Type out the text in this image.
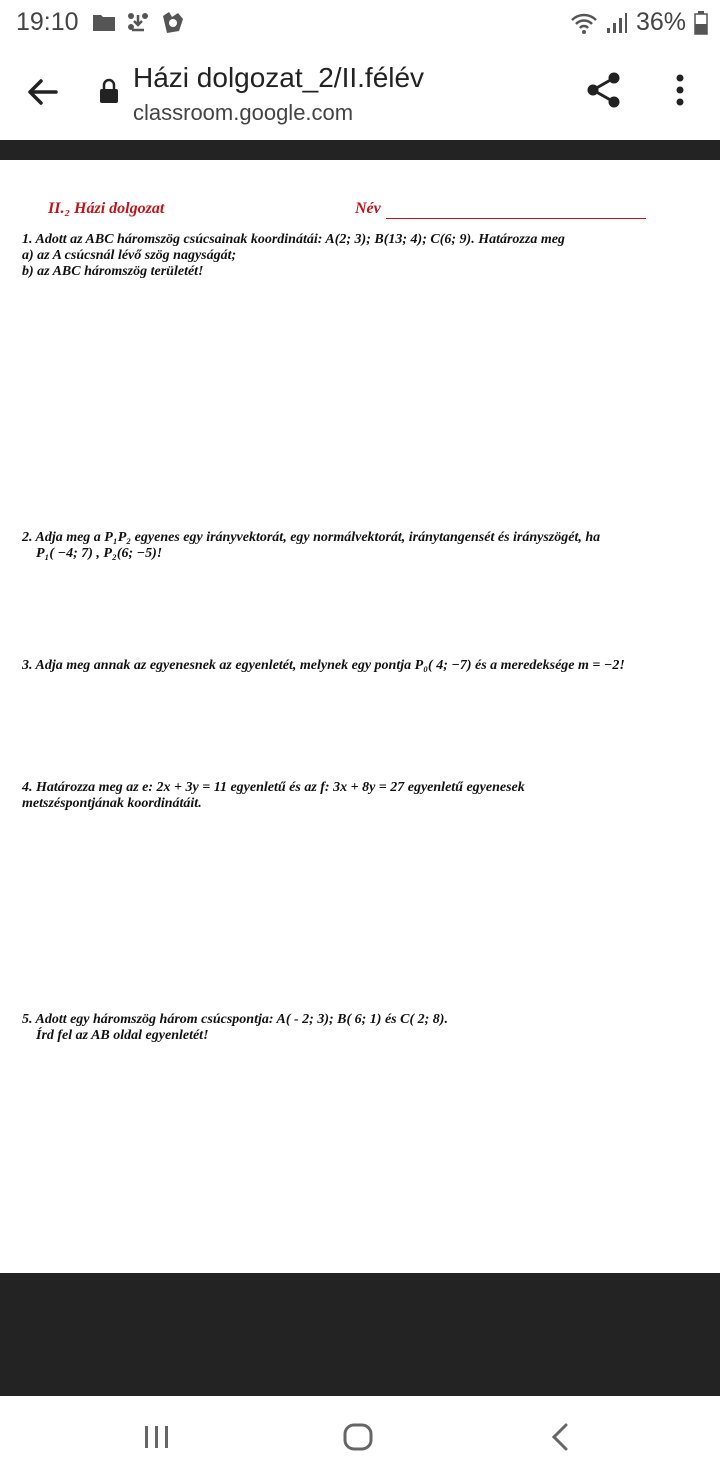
19:10	36%
Házi dolgozat_2/II.félév
classroom.google.com
II.₂ Házi dolgozat	Név
1. Adott az ABC háromszög csúcsainak koordinátái: A(2; 3); B(13; 4); C(6; 9). Határozza meg
a) az A csúcsnál lévő szög nagyságát;
b) az ABC háromszög területét!
2. Adja meg a P₁P₂ egyenes egy irányvektorát, egy normálvektorát, iránytangensét és irányszögét, ha
P₁( −4; 7) , P₂(6; −5)!
3. Adja meg annak az egyenesnek az egyenletét, melynek egy pontja P₀( 4; −7) és a meredeksége m = −2!
4. Határozza meg az e: 2x + 3y = 11 egyenletű és az f: 3x + 8y = 27 egyenletű egyenesek
metszéspontjának koordinátáit.
5. Adott egy háromszög három csúcspontja: A( - 2; 3); B( 6; 1) és C( 2; 8).
Írd fel az AB oldal egyenletét!
